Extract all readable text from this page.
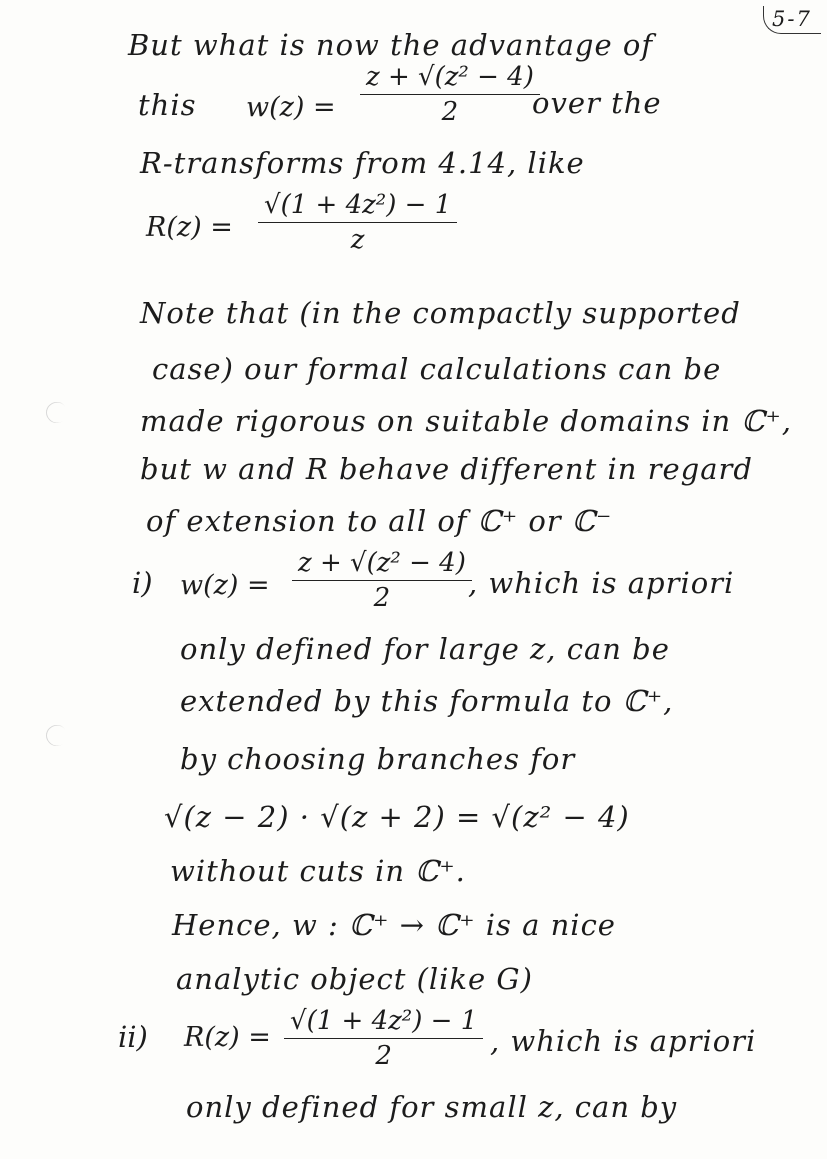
5-7
But what is now the advantage of
this $w(z) = \frac{\text{z + √(z² − 4)}}{2}$
over the
R-transforms from 4.14, like
$R(z) = \frac{\text{√(1 + 4z²) − 1}}{z}$
Note that (in the compactly supported
case) our formal calculations can be
made rigorous on suitable domains in ℂ⁺,
but w and R behave different in regard
of extension to all of ℂ⁺ or ℂ⁻
i) $w(z) = \frac{\text{z + √(z² − 4)}}{2}$
, which is apriori
only defined for large z, can be
extended by this formula to ℂ⁺,
by choosing branches for
√(z − 2) · √(z + 2) = √(z² − 4)
without cuts in ℂ⁺.
Hence, w : ℂ⁺ → ℂ⁺ is a nice
analytic object (like G)
ii) $R(z) = \frac{\text{√(1 + 4z²) − 1}}{2}$ , which is apriori
only defined for small z, can by
